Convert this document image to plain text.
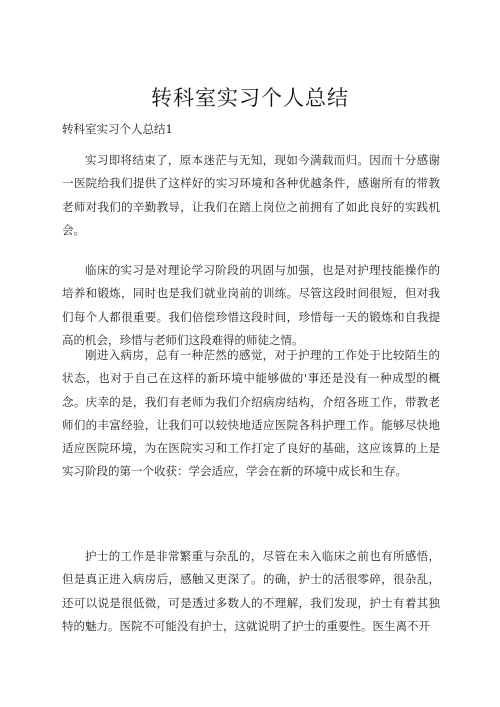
转科室实习个人总结
转科室实习个人总结1

实习即将结束了，原本迷茫与无知，现如今满载而归。因而十分感谢一医院给我们提供了这样好的实习环境和各种优越条件，感谢所有的带教老师对我们的辛勤教导，让我们在踏上岗位之前拥有了如此良好的实践机会。

临床的实习是对理论学习阶段的巩固与加强，也是对护理技能操作的培养和锻炼，同时也是我们就业岗前的训练。尽管这段时间很短，但对我们每个人都很重要。我们倍偿珍惜这段时间，珍惜每一天的锻炼和自我提高的机会，珍惜与老师们这段难得的师徒之情。

刚进入病房，总有一种茫然的感觉，对于护理的工作处于比较陌生的状态，也对于自己在这样的新环境中能够做的'事还是没有一种成型的概念。庆幸的是，我们有老师为我们介绍病房结构，介绍各班工作，带教老师们的丰富经验，让我们可以较快地适应医院各科护理工作。能够尽快地适应医院环境，为在医院实习和工作打定了良好的基础，这应该算的上是实习阶段的第一个收获：学会适应，学会在新的环境中成长和生存。

护士的工作是非常繁重与杂乱的，尽管在未入临床之前也有所感悟，但是真正进入病房后，感触又更深了。的确，护士的活很零碎，很杂乱，还可以说是很低微，可是透过多数人的不理解，我们发现，护士有着其独特的魅力。医院不可能没有护士，这就说明了护士的重要性。医生离不开
